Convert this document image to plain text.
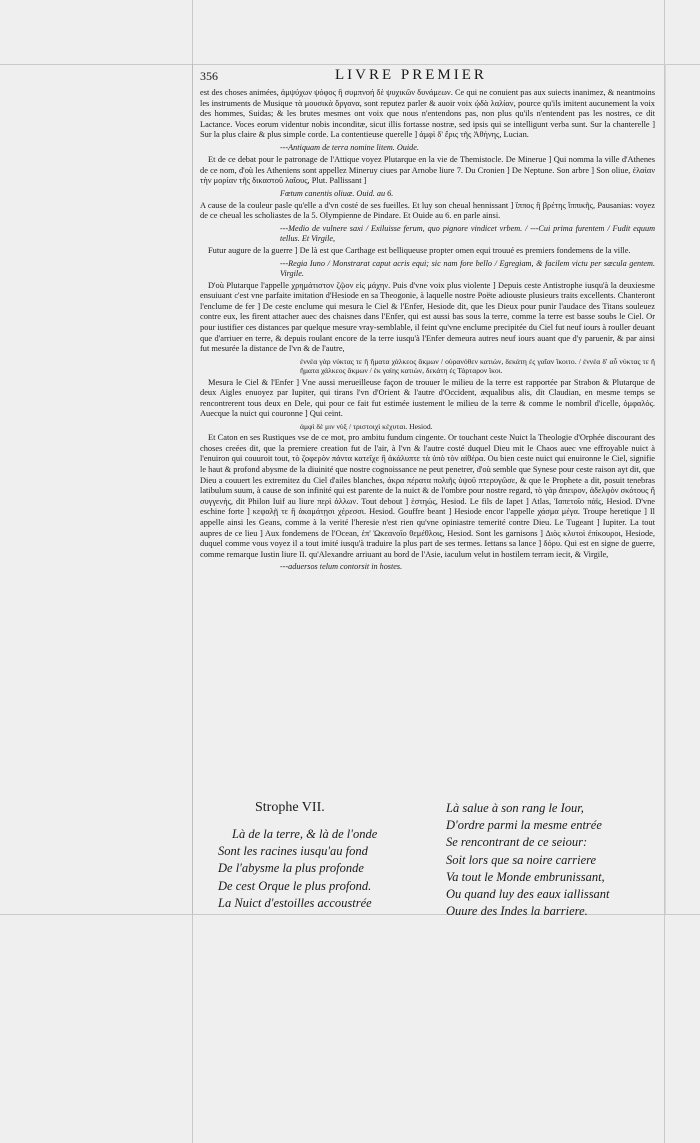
356	LIVRE PREMIER

est des choses animées, ἀμψύχων ψόφος ἢ συμπνοή δὲ ψυχικῶν δυνάμεων. Ce qui ne conuient pas aux suiects inanimez, & neantmoins les instruments de Musique τὰ μουσικὰ ὄργανα, sont reputez parler & auoir voix ᾠδὰ λαλίαν, pource qu'ils imitent aucunement la voix des hommes, Suidas; & les brutes mesmes ont voix que nous n'entendons pas, non plus qu'ils n'entendent pas les nostres, ce dit Lactance. Voces eorum videntur nobis inconditæ, sicut illis fortasse nostræ, sed ipsis qui se intelligunt verba sunt. Sur la chanterelle ] Sur la plus claire & plus simple corde. La contentieuse querelle ] ἀμφὶ δ' ἔρις τῆς Ἀθήνης, Lucian.

---Antiquam de terra nomine litem. Ouide.

Et de ce debat pour le patronage de l'Attique voyez Plutarque en la vie de Themistocle. De Minerue ] Qui nomma la ville d'Athenes de ce nom, d'où les Atheniens sont appellez Mineruy ciues par Arnobe liure 7. Du Cronien ] De Neptune. Son arbre ] Son oliue, ἐλαίαν τὴν μορίαν τῆς δικαστοῦ λαΐους, Plut. Pallissant ]

Fœtum canentis oliuæ. Ouid. au 6.

A cause de la couleur pasle qu'elle a d'vn costé de ses fueilles. Et luy son cheual hennissant ] ἵππος ἢ βρέτης ἵππικῆς, Pausanias: voyez de ce cheual les scholiastes de la 5. Olympienne de Pindare. Et Ouide au 6. en parle ainsi.

---Medio de vulnere saxi / Exiluisse ferum, quo pignore vindicet vrbem. / ---Cui prima furentem / Fudit equum tellus. Et Virgile,

Futur augure de la guerre ] De là est que Carthage est belliqueuse propter omen equi trouué es premiers fondemens de la ville.

---Regia Iuno / Monstrarat caput acris equi; sic nam fore bello / Egregiam, & facilem victu per sæcula gentem. Virgile.

D'où Plutarque l'appelle χρημάτιστον ζῷον εἰς μάχην. Puis d'vne voix plus violente ] Depuis ceste Antistrophe iusqu'à la deuxiesme ensuiuant c'est vne parfaite imitation d'Hesiode en sa Theogonie, à laquelle nostre Poëte adiouste plusieurs traits excellents. Chanteront l'enclume de fer ] De ceste enclume qui mesura le Ciel & l'Enfer, Hesiode dit, que les Dieux pour punir l'audace des Titans souleuez contre eux, les firent attacher auec des chaisnes dans l'Enfer, qui est aussi bas sous la terre, comme la terre est basse soubs le Ciel. Or pour iustifier ces distances par quelque mesure vray-semblable, il feint qu'vne enclume precipitée du Ciel fut neuf iours à rouller deuant que d'arriuer en terre, & depuis roulant encore de la terre iusqu'à l'Enfer demeura autres neuf iours auant que d'y paruenir, & par ainsi fut mesurée la distance de l'vn & de l'autre,

ἐννέα γὰρ νύκτας τε ἢ ἤματα χάλκεος ἄκμων / οὐρανόθεν κατιὼν, δεκάτη ἐς γαῖαν ἵκοιτο. / ἐννέα δ' αὖ νύκτας τε ἢ ἤματα χάλκεος ἄκμων / ἐκ γαίης κατιὼν, δεκάτη ἐς Τάρταρον ἵκοι.

Mesura le Ciel & l'Enfer ] Vne aussi merueilleuse façon de trouuer le milieu de la terre est rapportée par Strabon & Plutarque de deux Aigles enuoyez par Iupiter, qui tirans l'vn d'Orient & l'autre d'Occident, æqualibus alis, dit Claudian, en mesme temps se rencontrerent tous deux en Dele, qui pour ce fait fut estimée iustement le milieu de la terre & comme le nombril d'icelle, ὀμφαλός. Auecque la nuict qui couronne ] Qui ceint.

ἀμφὶ δὲ μιν νὺξ / τριστοιχὶ κέχυται. Hesiod.

Et Caton en ses Rustiques vse de ce mot, pro ambitu fundum cingente. Or touchant ceste Nuict la Theologie d'Orphée discourant des choses creées dit, que la premiere creation fut de l'air, à l'vn & l'autre costé duquel Dieu mit le Chaos auec vne effroyable nuict à l'enuiron qui couuroit tout, τὸ ζοφερὸν πάντα κατεῖχε ἢ ἀκάλυπτε τὰ ὑπὸ τὸν αἰθέρα. Ou bien ceste nuict qui enuironne le Ciel, signifie le haut & profond abysme de la diuinité que nostre cognoissance ne peut penetrer, d'où semble que Synese pour ceste raison ayt dit, que Dieu a couuert les extremitez du Ciel d'ailes blanches, ἀκρα πέρατα πολιῆς ὑψοῦ πτερυγῶσε, & que le Prophete a dit, posuit tenebras latibulum suum, à cause de son infinité qui est parente de la nuict & de l'ombre pour nostre regard, τὸ γὰρ ἄπειρον, ἀδελφὸν σκότους ἢ συγγενής, dit Philon Iuif au liure περὶ ἀλλων. Tout debout ] ἑστηώς, Hesiod. Le fils de Iapet ] Atlas, Ἰαπετοῖο πάϊς, Hesiod. D'vne eschine forte ] κεφαλῇ τε ἢ ἀκαμάτῃσι χέρεσσι. Hesiod. Gouffre beant ] Hesiode encor l'appelle χάσμα μέγα. Troupe heretique ] Il appelle ainsi les Geans, comme à la verité l'heresie n'est rien qu'vne opiniastre temerité contre Dieu. Le Tugeant ] Iupiter. La tout aupres de ce lieu ] Aux fondemens de l'Ocean, ἐπ' Ὠκεανοῖο θεμέθλοις, Hesiod. Sont les garnisons ] Διὸς κλυτοὶ ἐπίκουροι, Hesiode, duquel comme vous voyez il a tout imité iusqu'à traduire la plus part de ses termes. Iettans sa lance ] δόρυ. Qui est en signe de guerre, comme remarque Iustin liure II. qu'Alexandre arriuant au bord de l'Asie, iaculum velut in hostilem terram iecit, & Virgile,

---aduersos telum contorsit in hostes.

Strophe VII.
Là de la terre, & là de l'onde
Sont les racines iusqu'au fond
De l'abysme la plus profonde
De cest Orque le plus profond.
La Nuict d'estoilles accoustrée
Là salue à son rang le Iour,
D'ordre parmi la mesme entrée
Se rencontrant de ce seiour:
Soit lors que sa noire carriere
Va tout le Monde embrunissant,
Ou quand luy des eaux iallissant
Ouure des Indes la barriere.
